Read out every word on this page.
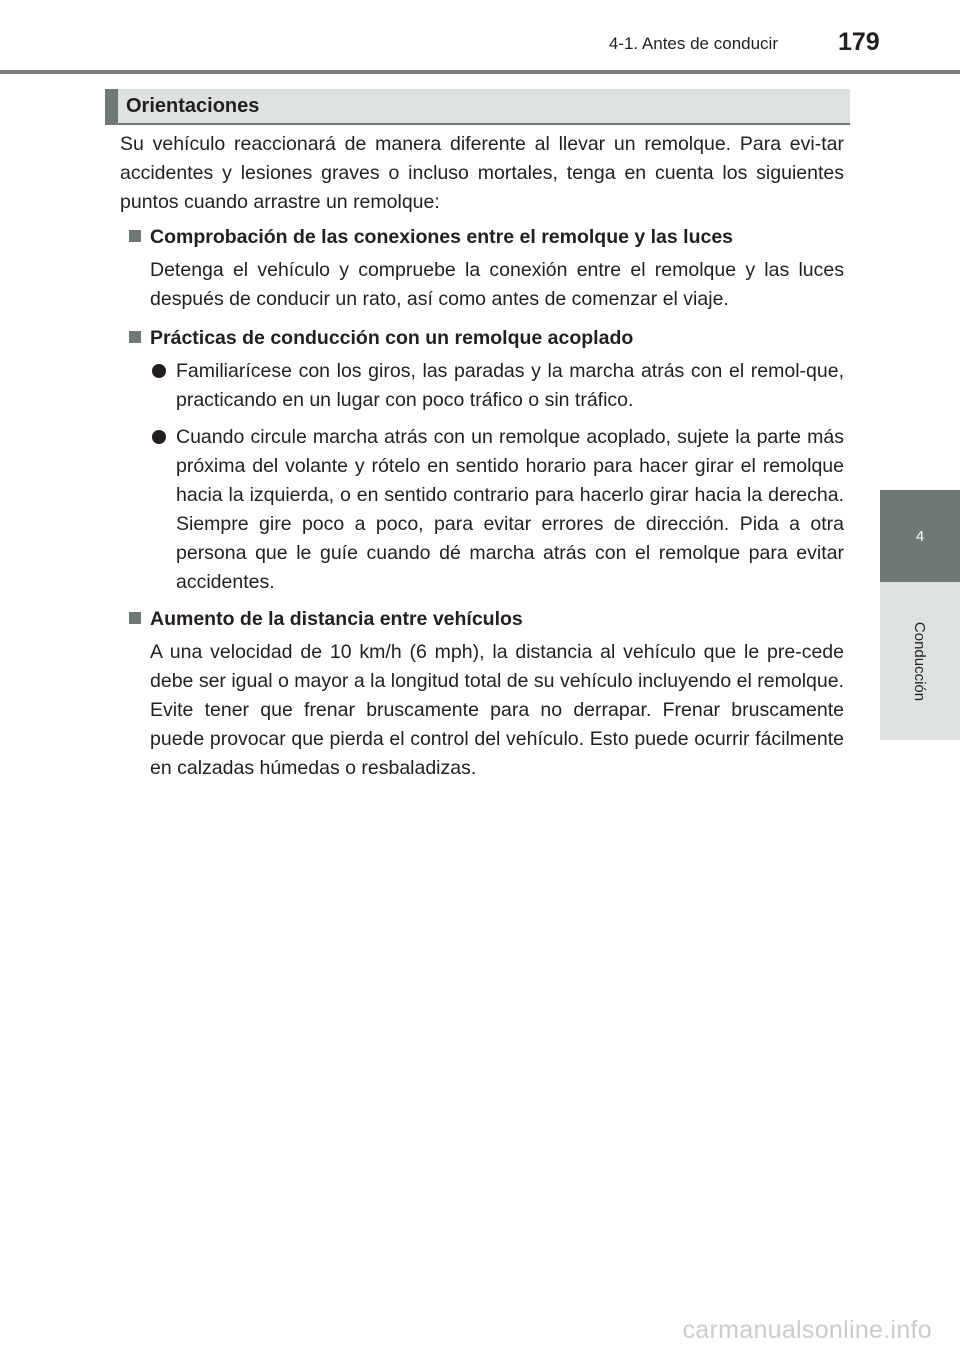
4-1. Antes de conducir 179
4
Conducción
Orientaciones

Su vehículo reaccionará de manera diferente al llevar un remolque. Para evi-tar accidentes y lesiones graves o incluso mortales, tenga en cuenta los siguientes puntos cuando arrastre un remolque:

Comprobación de las conexiones entre el remolque y las luces

Detenga el vehículo y compruebe la conexión entre el remolque y las luces después de conducir un rato, así como antes de comenzar el viaje.

Prácticas de conducción con un remolque acoplado
Familiarícese con los giros, las paradas y la marcha atrás con el remol-que, practicando en un lugar con poco tráfico o sin tráfico.
Cuando circule marcha atrás con un remolque acoplado, sujete la parte más próxima del volante y rótelo en sentido horario para hacer girar el remolque hacia la izquierda, o en sentido contrario para hacerlo girar hacia la derecha. Siempre gire poco a poco, para evitar errores de dirección. Pida a otra persona que le guíe cuando dé marcha atrás con el remolque para evitar accidentes.
Aumento de la distancia entre vehículos

A una velocidad de 10 km/h (6 mph), la distancia al vehículo que le pre-cede debe ser igual o mayor a la longitud total de su vehículo incluyendo el remolque. Evite tener que frenar bruscamente para no derrapar. Frenar bruscamente puede provocar que pierda el control del vehículo. Esto puede ocurrir fácilmente en calzadas húmedas o resbaladizas.

carmanualsonline.info
